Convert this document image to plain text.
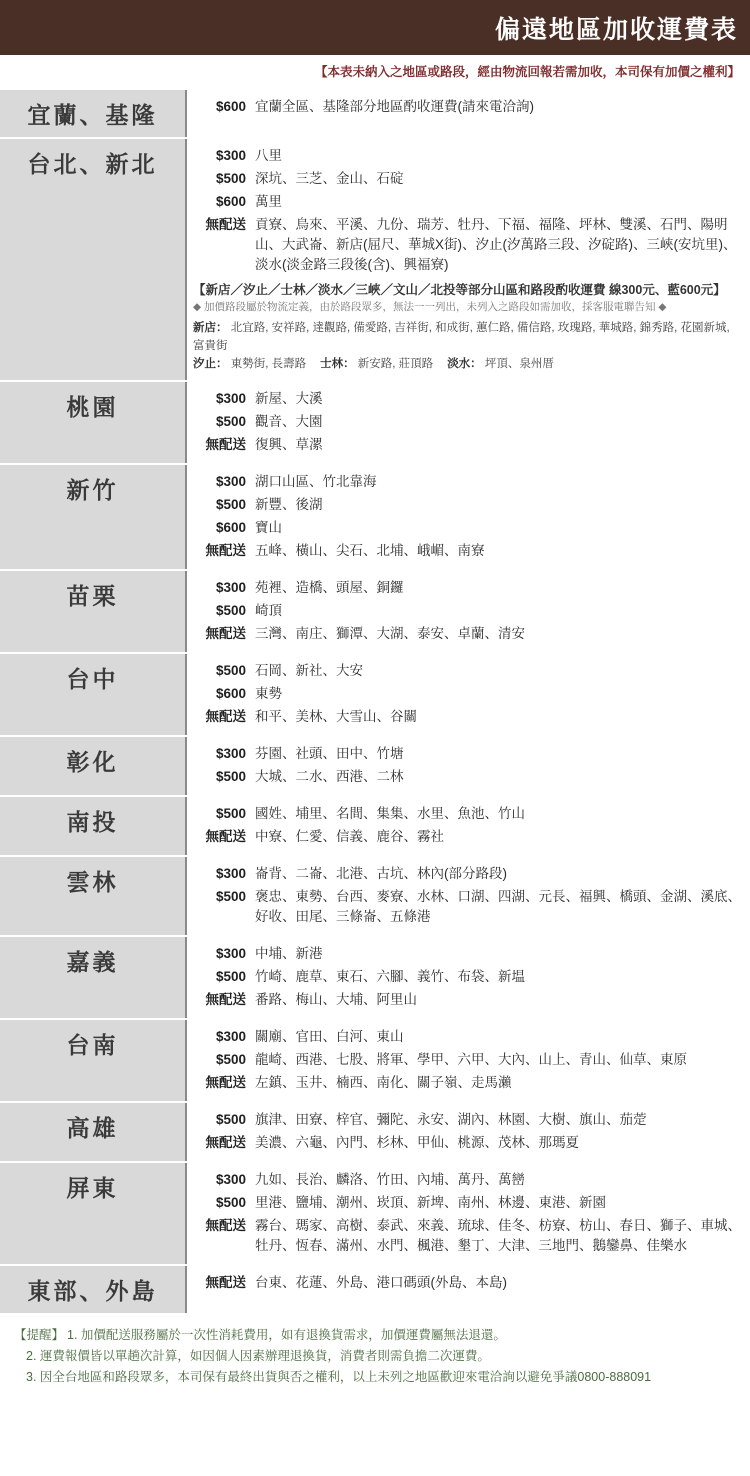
偏遠地區加收運費表
【本表未納入之地區或路段，經由物流回報若需加收，本司保有加價之權利】
宜蘭、基隆	$600 宜蘭全區、基隆部分地區酌收運費(請來電洽詢)

台北、新北	$300 八里
$500 深坑、三芝、金山、石碇
$600 萬里
無配送 貢寮、烏來、平溪、九份、瑞芳、牡丹、下福、福隆、坪林、雙溪、石門、陽明山、大武崙、新店(屈尺、華城X街)、汐止(汐萬路三段、汐碇路)、三峽(安坑里)、淡水(淡金路三段後(含)、興福寮)
【新店／汐止／士林／淡水／三峽／文山／北投等部分山區和路段酌收運費 線300元、藍600元】
◆ 加價路段屬於物流定義，由於路段眾多，無法一一列出，未列入之路段如需加收，採客服電聯告知 ◆
新店： 北宜路, 安祥路, 達觀路, 備愛路, 吉祥街, 和成街, 蕙仁路, 備信路, 玫瑰路, 華城路, 錦秀路, 花園新城, 富貴街
汐止： 東勢街, 長壽路 士林： 新安路, 莊頂路 淡水： 坪頂、泉州厝

桃園	$300 新屋、大溪
$500 觀音、大園
無配送 復興、草漯

新竹	$300 湖口山區、竹北靠海
$500 新豐、後湖
$600 寶山
無配送 五峰、橫山、尖石、北埔、峨嵋、南寮

苗栗	$300 苑裡、造橋、頭屋、銅鑼
$500 崎頂
無配送 三灣、南庄、獅潭、大湖、泰安、卓蘭、清安

台中	$500 石岡、新社、大安
$600 東勢
無配送 和平、美林、大雪山、谷關

彰化	$300 芬園、社頭、田中、竹塘
$500 大城、二水、西港、二林

南投	$500 國姓、埔里、名間、集集、水里、魚池、竹山
無配送 中寮、仁愛、信義、鹿谷、霧社

雲林	$300 崙背、二崙、北港、古坑、林內(部分路段)
$500 褒忠、東勢、台西、麥寮、水林、口湖、四湖、元長、福興、橋頭、金湖、溪底、好收、田尾、三條崙、五條港

嘉義	$300 中埔、新港
$500 竹崎、鹿草、東石、六腳、義竹、布袋、新塭
無配送 番路、梅山、大埔、阿里山

台南	$300 關廟、官田、白河、東山
$500 龍崎、西港、七股、將軍、學甲、六甲、大內、山上、青山、仙草、東原
無配送 左鎮、玉井、楠西、南化、關子嶺、走馬瀨

高雄	$500 旗津、田寮、梓官、彌陀、永安、湖內、林園、大樹、旗山、茄萣
無配送 美濃、六龜、內門、杉林、甲仙、桃源、茂林、那瑪夏

屏東	$300 九如、長治、麟洛、竹田、內埔、萬丹、萬巒
$500 里港、鹽埔、潮州、崁頂、新埤、南州、林邊、東港、新園
無配送 霧台、瑪家、高樹、泰武、來義、琉球、佳冬、枋寮、枋山、春日、獅子、車城、牡丹、恆春、滿州、水門、楓港、墾丁、大津、三地門、鵝鑾鼻、佳樂水

東部、外島	無配送 台東、花蓮、外島、港口碼頭(外島、本島)
【提醒】 1. 加價配送服務屬於一次性消耗費用，如有退換貨需求，加價運費屬無法退還。
2. 運費報價皆以單趟次計算，如因個人因素辦理退換貨，消費者則需負擔二次運費。
3. 因全台地區和路段眾多，本司保有最終出貨與否之權利，以上未列之地區歡迎來電洽詢以避免爭議0800-888091
